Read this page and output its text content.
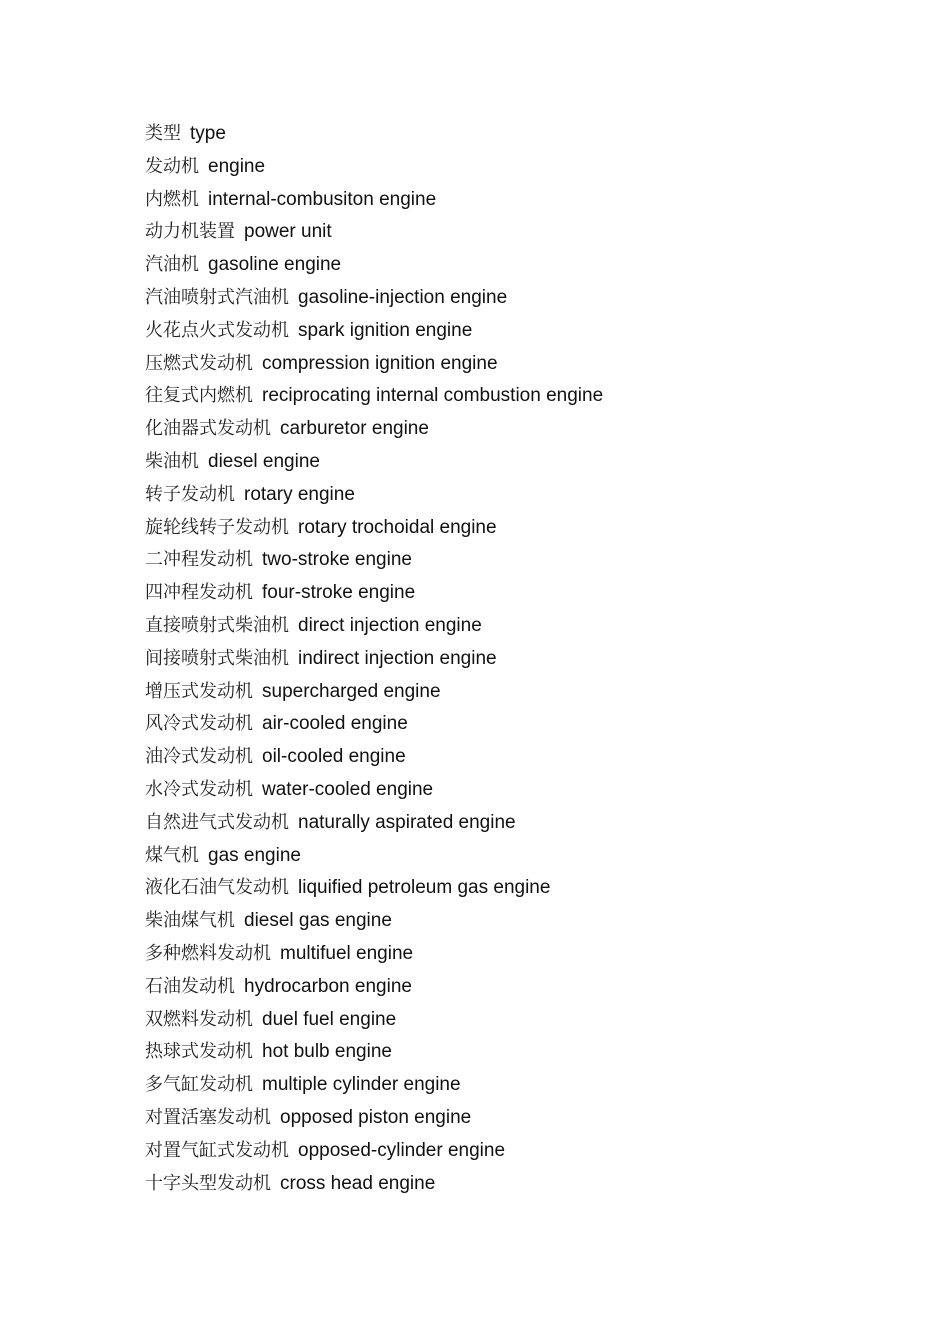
类型 type
发动机 engine
内燃机 internal-combusiton engine
动力机装置 power unit
汽油机 gasoline engine
汽油喷射式汽油机 gasoline-injection engine
火花点火式发动机 spark ignition engine
压燃式发动机 compression ignition engine
往复式内燃机 reciprocating internal combustion engine
化油器式发动机 carburetor engine
柴油机 diesel engine
转子发动机 rotary engine
旋轮线转子发动机 rotary trochoidal engine
二冲程发动机 two-stroke engine
四冲程发动机 four-stroke engine
直接喷射式柴油机 direct injection engine
间接喷射式柴油机 indirect injection engine
增压式发动机 supercharged engine
风冷式发动机 air-cooled engine
油冷式发动机 oil-cooled engine
水冷式发动机 water-cooled engine
自然进气式发动机 naturally aspirated engine
煤气机 gas engine
液化石油气发动机 liquified petroleum gas engine
柴油煤气机 diesel gas engine
多种燃料发动机 multifuel engine
石油发动机 hydrocarbon engine
双燃料发动机 duel fuel engine
热球式发动机 hot bulb engine
多气缸发动机 multiple cylinder engine
对置活塞发动机 opposed piston engine
对置气缸式发动机 opposed-cylinder engine
十字头型发动机 cross head engine
